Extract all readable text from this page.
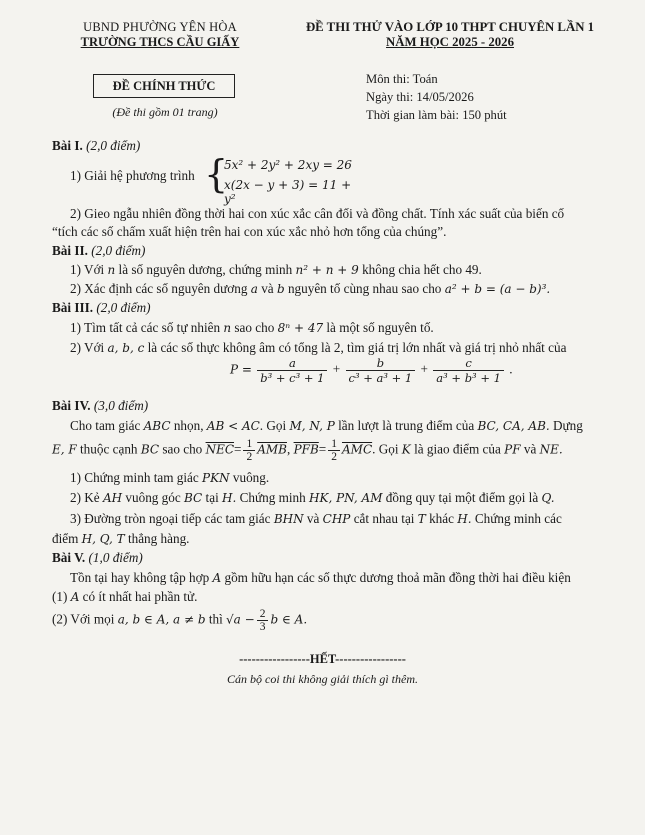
UBND PHƯỜNG YÊN HÒA
TRƯỜNG THCS CẦU GIẤY
ĐỀ CHÍNH THỨC
(Đề thi gồm 01 trang)
ĐỀ THI THỬ VÀO LỚP 10 THPT CHUYÊN LẦN 1
NĂM HỌC 2025 - 2026
Môn thi: Toán
Ngày thi: 14/05/2026
Thời gian làm bài: 150 phút
Bài I. (2,0 điểm)
1) Giải hệ phương trình {
5x² + 2y² + 2xy = 26
x(2x − y + 3) = 11 + y²
2) Gieo ngẫu nhiên đồng thời hai con xúc xắc cân đối và đồng chất. Tính xác suất của biến cố
“tích các số chấm xuất hiện trên hai con xúc xắc nhỏ hơn tổng của chúng”.
Bài II. (2,0 điểm)
1) Với n là số nguyên dương, chứng minh n² + n + 9 không chia hết cho 49.
2) Xác định các số nguyên dương a và b nguyên tố cùng nhau sao cho a² + b = (a − b)³.
Bài III. (2,0 điểm)
1) Tìm tất cả các số tự nhiên n sao cho 8ⁿ + 47 là một số nguyên tố.
2) Với a, b, c là các số thực không âm có tổng là 2, tìm giá trị lớn nhất và giá trị nhỏ nhất của
$P = \frac{a}{\text{b³ + c³ + 1}} + \frac{b}{\text{c³ + a³ + 1}} + \frac{c}{\text{a³ + b³ + 1}}$ .
Bài IV. (3,0 điểm)
Cho tam giác ABC nhọn, AB < AC. Gọi M, N, P lần lượt là trung điểm của BC, CA, AB. Dựng
E, F thuộc cạnh BC sao cho $\overline{NEC}= \frac{1}{2} \overline{AMB}$, $\overline{PFB}= \frac{1}{2} \overline{AMC}$. Gọi K là giao điểm của PF và NE.
1) Chứng minh tam giác PKN vuông.
2) Kẻ AH vuông góc BC tại H. Chứng minh HK, PN, AM đồng quy tại một điểm gọi là Q.
3) Đường tròn ngoại tiếp các tam giác BHN và CHP cắt nhau tại T khác H. Chứng minh các
điểm H, Q, T thẳng hàng.
Bài V. (1,0 điểm)
Tồn tại hay không tập hợp A gồm hữu hạn các số thực dương thoả mãn đồng thời hai điều kiện
(1) A có ít nhất hai phần tử.
(2) Với mọi a, b ∈ A, a ≠ b thì $√a - \frac{2}{3}$ b ∈ A.
-----------------HẾT-----------------
Cán bộ coi thi không giải thích gì thêm.
